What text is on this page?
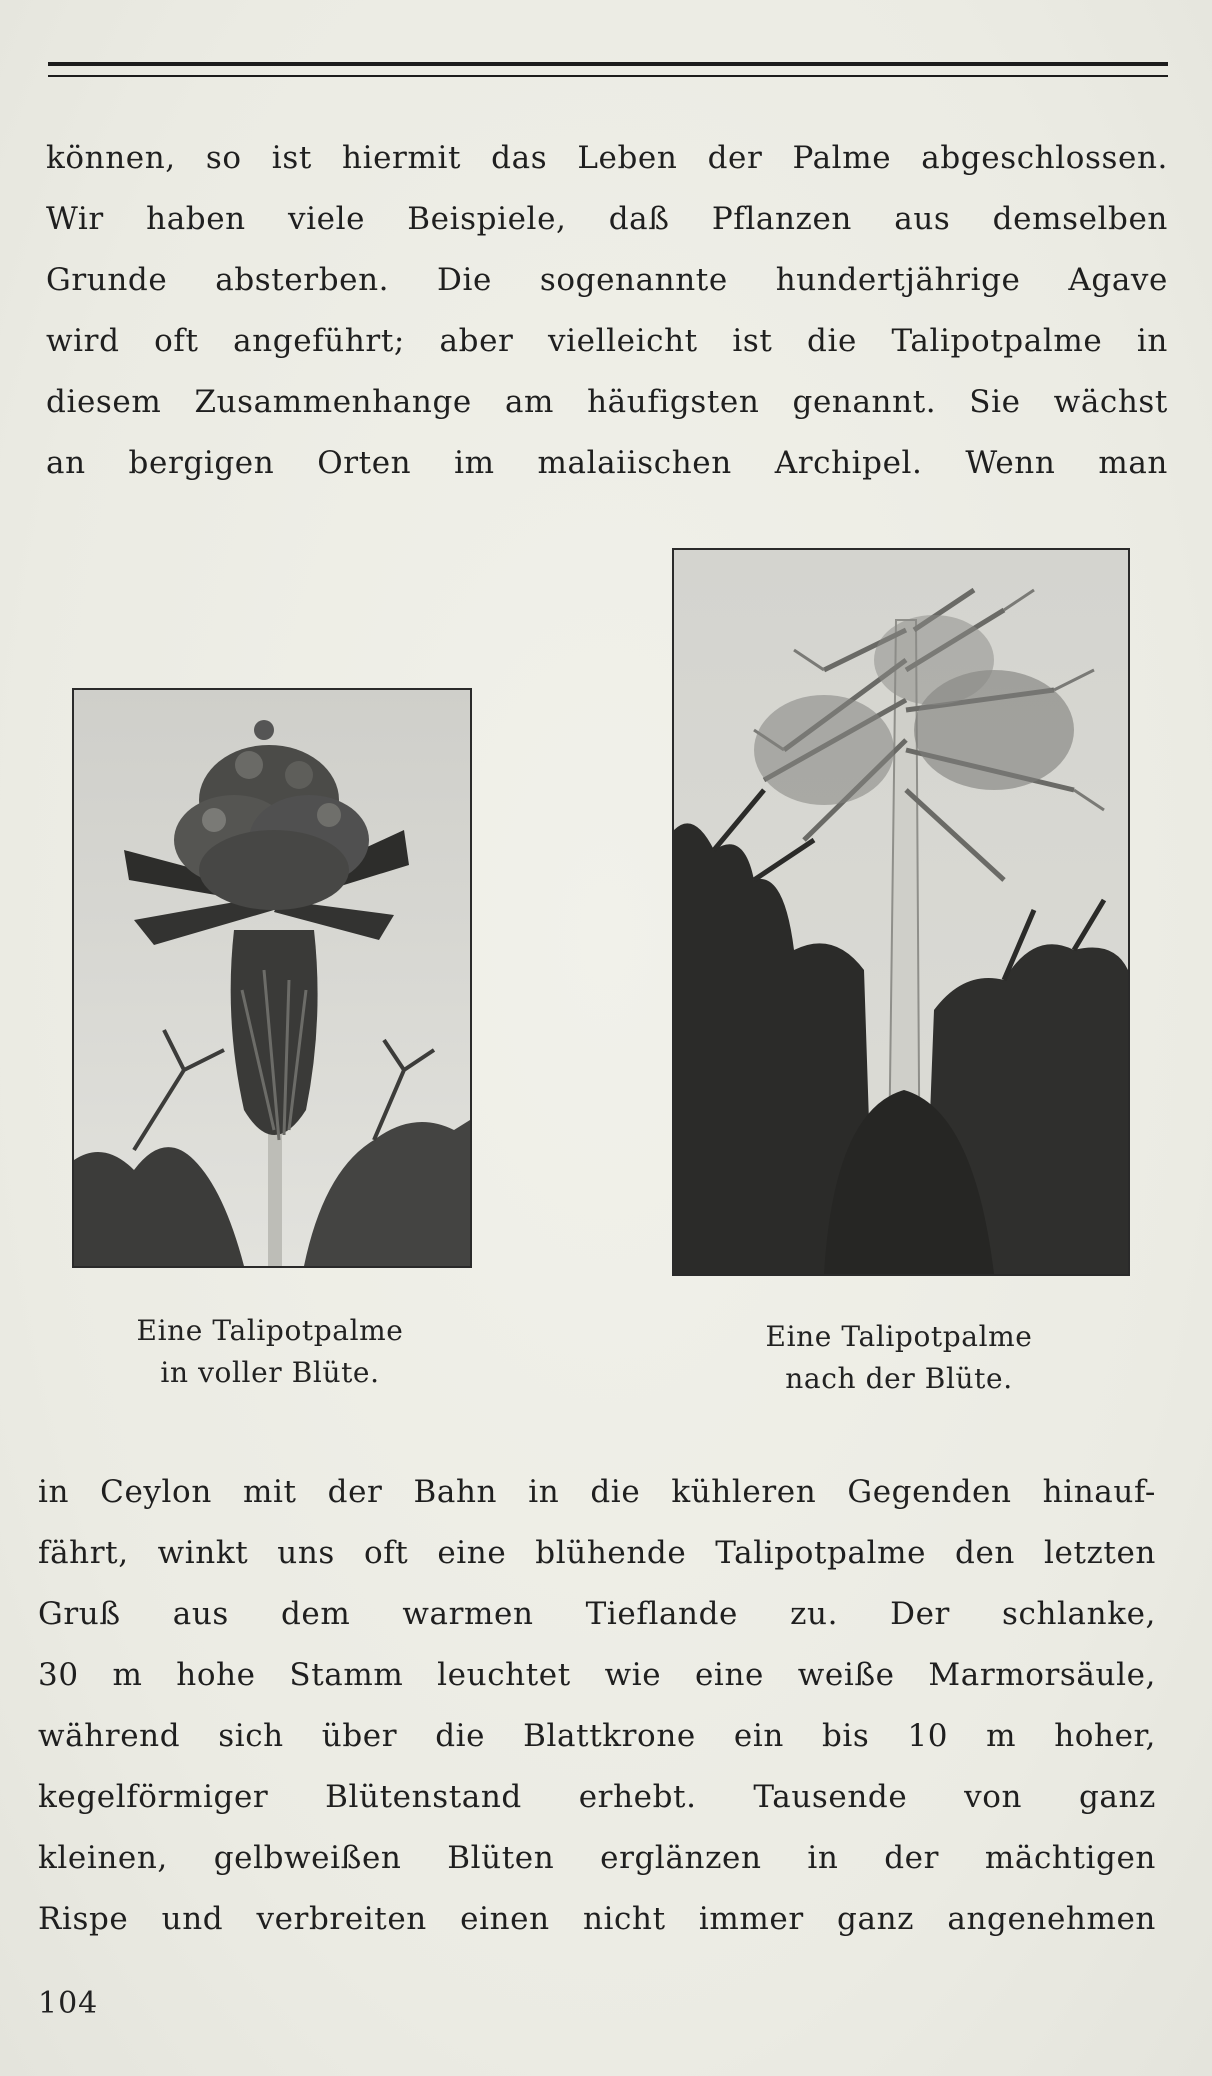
können, so ist hiermit das Leben der Palme abgeschlossen.
Wir haben viele Beispiele, daß Pflanzen aus demselben
Grunde absterben. Die sogenannte hundertjährige Agave
wird oft angeführt; aber vielleicht ist die Talipotpalme in
diesem Zusammenhange am häufigsten genannt. Sie wächst
an bergigen Orten im malaiischen Archipel. Wenn man
Eine Talipotpalme
in voller Blüte.
Eine Talipotpalme
nach der Blüte.
in Ceylon mit der Bahn in die kühleren Gegenden hinauf-
fährt, winkt uns oft eine blühende Talipotpalme den letzten
Gruß aus dem warmen Tieflande zu. Der schlanke,
30 m hohe Stamm leuchtet wie eine weiße Marmorsäule,
während sich über die Blattkrone ein bis 10 m hoher,
kegelförmiger Blütenstand erhebt. Tausende von ganz
kleinen, gelbweißen Blüten erglänzen in der mächtigen
Rispe und verbreiten einen nicht immer ganz angenehmen
104
